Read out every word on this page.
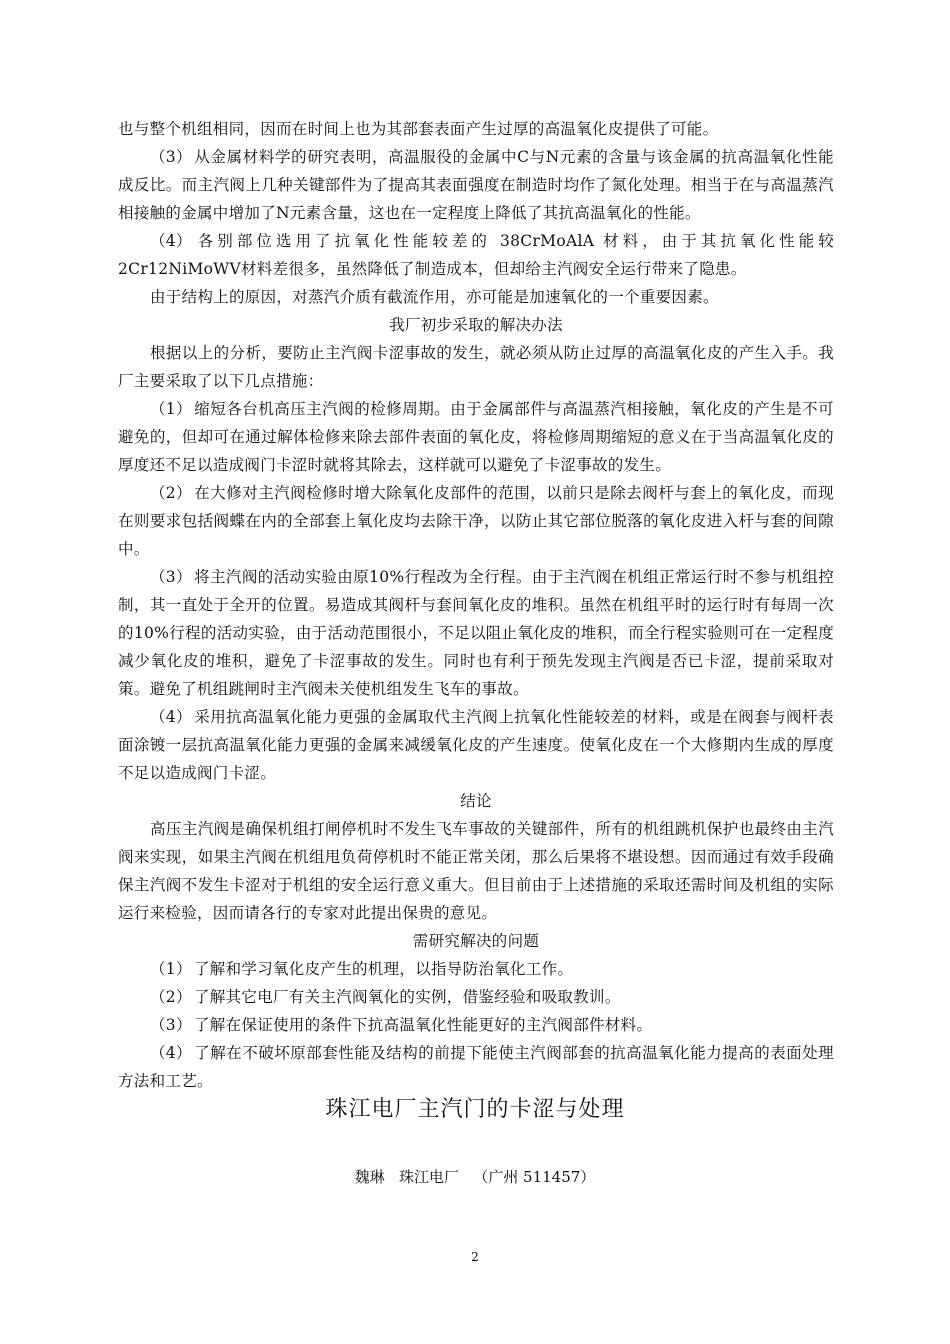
也与整个机组相同，因而在时间上也为其部套表面产生过厚的高温氧化皮提供了可能。

（3） 从金属材料学的研究表明，高温服役的金属中C与N元素的含量与该金属的抗高温氧化性能成反比。而主汽阀上几种关键部件为了提高其表面强度在制造时均作了氮化处理。相当于在与高温蒸汽相接触的金属中增加了N元素含量，这也在一定程度上降低了其抗高温氧化的性能。

（4） 各别部位选用了抗氧化性能较差的 38CrMoAlA 材料，由于其抗氧化性能较2Cr12NiMoWV材料差很多，虽然降低了制造成本，但却给主汽阀安全运行带来了隐患。

由于结构上的原因，对蒸汽介质有截流作用，亦可能是加速氧化的一个重要因素。

我厂初步采取的解决办法

根据以上的分析，要防止主汽阀卡涩事故的发生，就必须从防止过厚的高温氧化皮的产生入手。我厂主要采取了以下几点措施：

（1） 缩短各台机高压主汽阀的检修周期。由于金属部件与高温蒸汽相接触，氧化皮的产生是不可避免的，但却可在通过解体检修来除去部件表面的氧化皮，将检修周期缩短的意义在于当高温氧化皮的厚度还不足以造成阀门卡涩时就将其除去，这样就可以避免了卡涩事故的发生。

（2） 在大修对主汽阀检修时增大除氧化皮部件的范围，以前只是除去阀杆与套上的氧化皮，而现在则要求包括阀蝶在内的全部套上氧化皮均去除干净，以防止其它部位脱落的氧化皮进入杆与套的间隙中。

（3） 将主汽阀的活动实验由原10%行程改为全行程。由于主汽阀在机组正常运行时不参与机组控制，其一直处于全开的位置。易造成其阀杆与套间氧化皮的堆积。虽然在机组平时的运行时有每周一次的10%行程的活动实验，由于活动范围很小，不足以阻止氧化皮的堆积，而全行程实验则可在一定程度减少氧化皮的堆积，避免了卡涩事故的发生。同时也有利于预先发现主汽阀是否已卡涩，提前采取对策。避免了机组跳闸时主汽阀未关使机组发生飞车的事故。

（4） 采用抗高温氧化能力更强的金属取代主汽阀上抗氧化性能较差的材料，或是在阀套与阀杆表面涂镀一层抗高温氧化能力更强的金属来减缓氧化皮的产生速度。使氧化皮在一个大修期内生成的厚度不足以造成阀门卡涩。

结论

高压主汽阀是确保机组打闸停机时不发生飞车事故的关键部件，所有的机组跳机保护也最终由主汽阀来实现，如果主汽阀在机组甩负荷停机时不能正常关闭，那么后果将不堪设想。因而通过有效手段确保主汽阀不发生卡涩对于机组的安全运行意义重大。但目前由于上述措施的采取还需时间及机组的实际运行来检验，因而请各行的专家对此提出保贵的意见。

需研究解决的问题

（1） 了解和学习氧化皮产生的机理，以指导防治氧化工作。

（2） 了解其它电厂有关主汽阀氧化的实例，借鉴经验和吸取教训。

（3） 了解在保证使用的条件下抗高温氧化性能更好的主汽阀部件材料。

（4） 了解在不破坏原部套性能及结构的前提下能使主汽阀部套的抗高温氧化能力提高的表面处理方法和工艺。

珠江电厂主汽门的卡涩与处理
魏琳   珠江电厂   （广州 511457）
2
